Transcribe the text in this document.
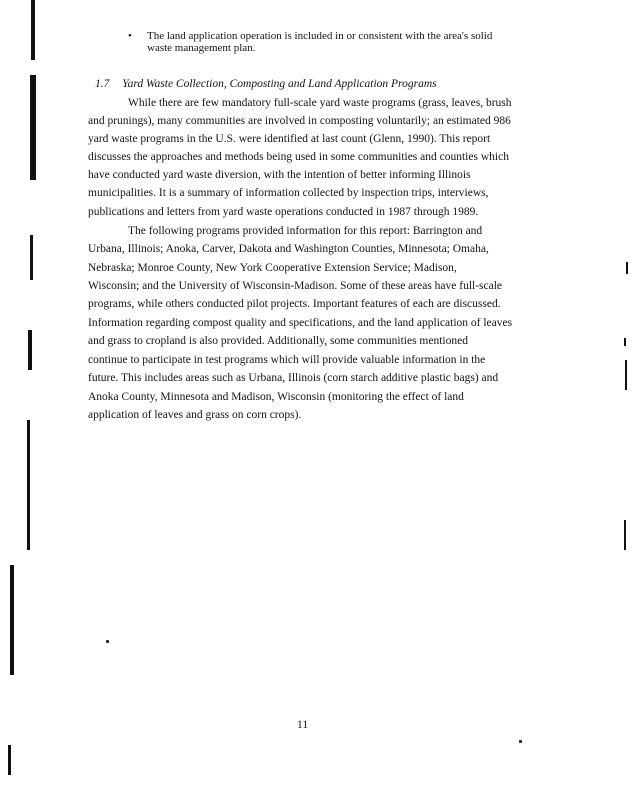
• The land application operation is included in or consistent with the area's solid
waste management plan.
1.7 Yard Waste Collection, Composting and Land Application Programs
While there are few mandatory full-scale yard waste programs (grass, leaves, brush
and prunings), many communities are involved in composting voluntarily; an estimated 986
yard waste programs in the U.S. were identified at last count (Glenn, 1990). This report
discusses the approaches and methods being used in some communities and counties which
have conducted yard waste diversion, with the intention of better informing Illinois
municipalities. It is a summary of information collected by inspection trips, interviews,
publications and letters from yard waste operations conducted in 1987 through 1989.
The following programs provided information for this report: Barrington and
Urbana, Illinois; Anoka, Carver, Dakota and Washington Counties, Minnesota; Omaha,
Nebraska; Monroe County, New York Cooperative Extension Service; Madison,
Wisconsin; and the University of Wisconsin-Madison. Some of these areas have full-scale
programs, while others conducted pilot projects. Important features of each are discussed.
Information regarding compost quality and specifications, and the land application of leaves
and grass to cropland is also provided. Additionally, some communities mentioned
continue to participate in test programs which will provide valuable information in the
future. This includes areas such as Urbana, Illinois (corn starch additive plastic bags) and
Anoka County, Minnesota and Madison, Wisconsin (monitoring the effect of land
application of leaves and grass on corn crops).
11
